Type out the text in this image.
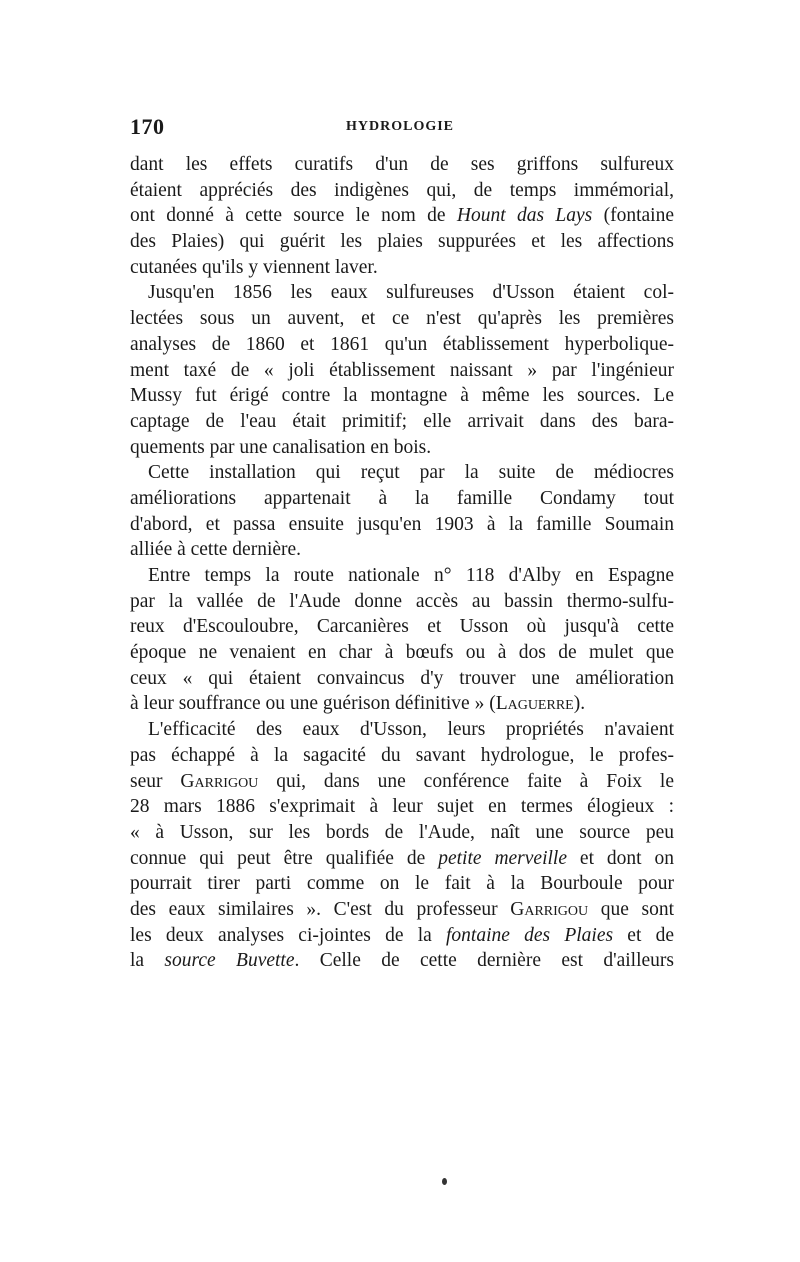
170	HYDROLOGIE
dant les effets curatifs d'un de ses griffons sulfureux
étaient appréciés des indigènes qui, de temps immémorial,
ont donné à cette source le nom de Hount das Lays (fontaine
des Plaies) qui guérit les plaies suppurées et les affections
cutanées qu'ils y viennent laver.
Jusqu'en 1856 les eaux sulfureuses d'Usson étaient col-
lectées sous un auvent, et ce n'est qu'après les premières
analyses de 1860 et 1861 qu'un établissement hyperbolique-
ment taxé de « joli établissement naissant » par l'ingénieur
Mussy fut érigé contre la montagne à même les sources. Le
captage de l'eau était primitif; elle arrivait dans des bara-
quements par une canalisation en bois.
Cette installation qui reçut par la suite de médiocres
améliorations appartenait à la famille Condamy tout
d'abord, et passa ensuite jusqu'en 1903 à la famille Soumain
alliée à cette dernière.
Entre temps la route nationale n° 118 d'Alby en Espagne
par la vallée de l'Aude donne accès au bassin thermo-sulfu-
reux d'Escouloubre, Carcanières et Usson où jusqu'à cette
époque ne venaient en char à bœufs ou à dos de mulet que
ceux « qui étaient convaincus d'y trouver une amélioration
à leur souffrance ou une guérison définitive » (Laguerre).
L'efficacité des eaux d'Usson, leurs propriétés n'avaient
pas échappé à la sagacité du savant hydrologue, le profes-
seur Garrigou qui, dans une conférence faite à Foix le
28 mars 1886 s'exprimait à leur sujet en termes élogieux :
« à Usson, sur les bords de l'Aude, naît une source peu
connue qui peut être qualifiée de petite merveille et dont on
pourrait tirer parti comme on le fait à la Bourboule pour
des eaux similaires ». C'est du professeur Garrigou que sont
les deux analyses ci-jointes de la fontaine des Plaies et de
la source Buvette. Celle de cette dernière est d'ailleurs
